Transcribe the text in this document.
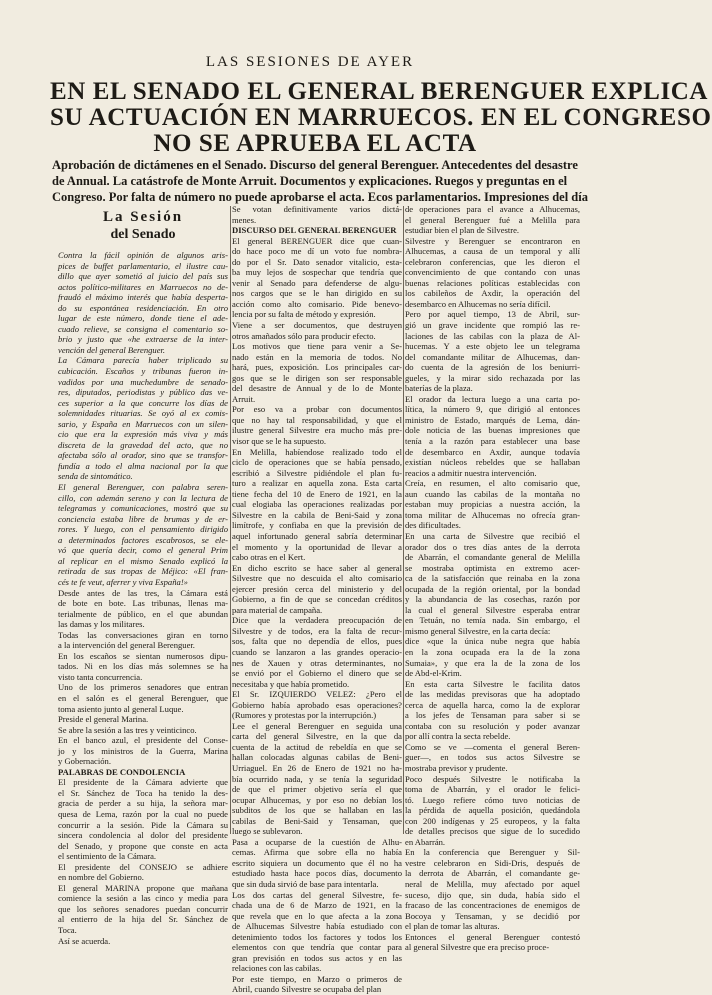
LAS SESIONES DE AYER
EN EL SENADO EL GENERAL BERENGUER EXPLICA
SU ACTUACIÓN EN MARRUECOS. EN EL CONGRESO
NO SE APRUEBA EL ACTA
Aprobación de dictámenes en el Senado. Discurso del general Berenguer. Antecedentes del desastre
de Annual. La catástrofe de Monte Arruit. Documentos y explicaciones. Ruegos y preguntas en el
Congreso. Por falta de número no puede aprobarse el acta. Ecos parlamentarios. Impresiones del día
La Sesión
del Senado
Contra la fácil opinión de algunos aris-
pices de buffet parlamentario, el ilustre cau-
dillo que ayer sometió al juicio del país sus
actos político-militares en Marruecos no de-
fraudó el máximo interés que había desperta-
do su espontánea residenciación. En otro
lugar de este número, donde tiene el ade-
cuado relieve, se consigna el comentario so-
brio y justo que «he extraerse de la inter-
vención del general Berenguer.
La Cámara parecía haber triplicado su
cubicación. Escaños y tribunas fueron in-
vadidos por una muchedumbre de senado-
res, diputados, periodistas y público das ve-
ces superior a la que concurre los días de
solemnidades rituarias. Se oyó al ex comis-
sario, y España en Marruecos con un silen-
cio que era la expresión más viva y más
discreta de la gravedad del acto, que no
afectaba sólo al orador, sino que se transfor-
fundía a todo el alma nacional por la que
senda de sintomático.
El general Berenguer, con palabra seren-
cillo, con ademán sereno y con la lectura de
telegramas y comunicaciones, mostró que su
conciencia estaba libre de brumas y de er-
rores. Y luego, con el pensamiento dirigido
a determinados factores escabrosos, se ele-
vó que quería decir, como el general Prim
al replicar en el mismo Senado explicó la
retirada de sus tropas de Méjico: «El fran-
cés te fe veut, aferrer y viva España!»
Desde antes de las tres, la Cámara está
de bote en bote. Las tribunas, llenas ma-
terialmente de público, en el que abundan
las damas y los militares.
Todas las conversaciones giran en torno
a la intervención del general Berenguer.
En los escaños se sientan numerosos dipu-
tados. Ni en los días más solemnes se ha
visto tanta concurrencia.
Uno de los primeros senadores que entran
en el salón es el general Berenguer, que
toma asiento junto al general Luque.
Preside el general Marina.
Se abre la sesión a las tres y veinticinco.
En el banco azul, el presidente del Conse-
jo y los ministros de la Guerra, Marina
y Gobernación.
PALABRAS DE CONDOLENCIA
El presidente de la Cámara advierte que
el Sr. Sánchez de Toca ha tenido la des-
gracia de perder a su hija, la señora mar-
quesa de Lema, razón por la cual no puede
concurrir a la sesión. Pide la Cámara su
sincera condolencia al dolor del presidente
del Senado, y propone que conste en acta
el sentimiento de la Cámara.
El presidente del CONSEJO se adhiere
en nombre del Gobierno.
El general MARINA propone que mañana
comience la sesión a las cinco y media para
que los señores senadores puedan concurrir
al entierro de la hija del Sr. Sánchez de
Toca.
Así se acuerda.
Se votan definitivamente varios dictá-
menes.
DISCURSO DEL GENERAL BERENGUER
El general BERENGUER dice que cuan-
do hace poco me dí un voto fue nombra-
do por el Sr. Dato senador vitalicio, esta-
ba muy lejos de sospechar que tendría que
venir al Senado para defenderse de algu-
nos cargos que se le han dirigido en su
acción como alto comisario. Pide benevo-
lencia por su falta de método y expresión.
Viene a ser documentos, que destruyen
otros amañados sólo para producir efecto.
Los motivos que tiene para venir a Se-
nado están en la memoria de todos. No
hará, pues, exposición. Los principales car-
gos que se le dirigen son ser responsable
del desastre de Annual y de lo de Monte
Arruit.
Por eso va a probar con documentos
que no hay tal responsabilidad, y que el
ilustre general Silvestre era mucho más pre-
visor que se le ha supuesto.
En Melilla, habíendose realizado todo el
ciclo de operaciones que se había pensado,
escribió a Silvestre pidiéndole el plan fu-
turo a realizar en aquella zona. Esta carta
tiene fecha del 10 de Enero de 1921, en la
cual elogiaba las operaciones realizadas por
Silvestre en la cabila de Beni-Said y zona
limítrofe, y confiaba en que la previsión de
aquel infortunado general sabría determinar
el momento y la oportunidad de llevar a
cabo otras en el Kert.
En dicho escrito se hace saber al general
Silvestre que no descuida el alto comisario
ejercer presión cerca del ministerio y del
Gobierno, a fin de que se concedan créditos
para material de campaña.
Dice que la verdadera preocupación de
Silvestre y de todos, era la falta de recur-
sos, falta que no dependía de ellos, pues
cuando se lanzaron a las grandes operacio-
nes de Xauen y otras determinantes, no
se envió por el Gobierno el dinero que se
necesitaba y que había prometido.
El Sr. IZQUIERDO VELEZ: ¿Pero el
Gobierno había aprobado esas operaciones?
(Rumores y protestas por la interrupción.)
Lee el general Berenguer en seguida una
carta del general Silvestre, en la que da
cuenta de la actitud de rebeldía en que se
hallan colocadas algunas cabilas de Beni-
Urriaguel. En 26 de Enero de 1921 no ha-
bía ocurrido nada, y se tenía la seguridad
de que el primer objetivo sería el que
ocupar Alhucemas, y por eso no debían los
subditos de los que se hallaban en las
cabilas de Beni-Said y Tensaman, que
luego se sublevaron.
Pasa a ocuparse de la cuestión de Alhu-
cemas. Afirma que sobre ella no había
escrito siquiera un documento que él no ha
estudiado hasta hace pocos días, documento
que sin duda sirvió de base para intentarla.
Los dos cartas del general Silvestre, fe-
chada una de 6 de Marzo de 1921, en la
que revela que en lo que afecta a la zona
de Alhucemas Silvestre había estudiado con
detenimiento todos los factores y todos los
elementos con que tendría que contar para
gran previsión en todos sus actos y en las
relaciones con las cabilas.
Por este tiempo, en Marzo o primeros de
Abril, cuando Silvestre se ocupaba del plan
de operaciones para el avance a Alhucemas,
el general Berenguer fué a Melilla para
estudiar bien el plan de Silvestre.
Silvestre y Berenguer se encontraron en
Alhucemas, a causa de un temporal y allí
celebraron conferencias, que les dieron el
convencimiento de que contando con unas
buenas relaciones políticas establecidas con
los cabileños de Axdir, la operación del
desembarco en Alhucemas no sería difícil.
Pero por aquel tiempo, 13 de Abril, sur-
gió un grave incidente que rompió las re-
laciones de las cabilas con la plaza de Al-
hucemas. Y a este objeto lee un telegrama
del comandante militar de Alhucemas, dan-
do cuenta de la agresión de los beniurri-
gueles, y la mirar sido rechazada por las
baterías de la plaza.
El orador da lectura luego a una carta po-
lítica, la número 9, que dirigió al entonces
ministro de Estado, marqués de Lema, dán-
dole noticia de las buenas impresiones que
tenía a la razón para establecer una base
de desembarco en Axdir, aunque todavía
existían núcleos rebeldes que se hallaban
reacios a admitir nuestra intervención.
Creía, en resumen, el alto comisario que,
aun cuando las cabilas de la montaña no
estaban muy propicias a nuestra acción, la
toma militar de Alhucemas no ofrecía gran-
des dificultades.
En una carta de Silvestre que recibió el
orador dos o tres días antes de la derrota
de Abarrán, el comandante general de Melilla
se mostraba optimista en extremo acer-
ca de la satisfacción que reinaba en la zona
ocupada de la región oriental, por la bondad
y la abundancia de las cosechas, razón por
la cual el general Silvestre esperaba entrar
en Tetuán, no temía nada. Sin embargo, el
mismo general Silvestre, en la carta decía:
dice «que la única nube negra que había
en la zona ocupada era la de la zona
Sumaia», y que era la de la zona de los
de Abd-el-Krim.
En esta carta Silvestre le facilita datos
de las medidas previsoras que ha adoptado
cerca de aquella harca, como la de explorar
a los jefes de Tensaman para saber si se
contaba con su resolución y poder avanzar
por allí contra la secta rebelde.
Como se ve —comenta el general Beren-
guer—, en todos sus actos Silvestre se
mostraba previsor y prudente.
Poco después Silvestre le notificaba la
toma de Abarrán, y el orador le felici-
tó. Luego refiere cómo tuvo noticias de
la pérdida de aquella posición, quedándola
con 200 indígenas y 25 europeos, y la falta
de detalles precisos que sigue de lo sucedido
en Abarrán.
En la conferencia que Berenguer y Sil-
vestre celebraron en Sidi-Dris, después de
la derrota de Abarrán, el comandante ge-
neral de Melilla, muy afectado por aquel
suceso, dijo que, sin duda, había sido el
fracaso de las concentraciones de enemigos de
Bocoya y Tensaman, y se decidió por
el plan de tomar las alturas.
Entonces el general Berenguer contestó
al general Silvestre que era preciso proce-
